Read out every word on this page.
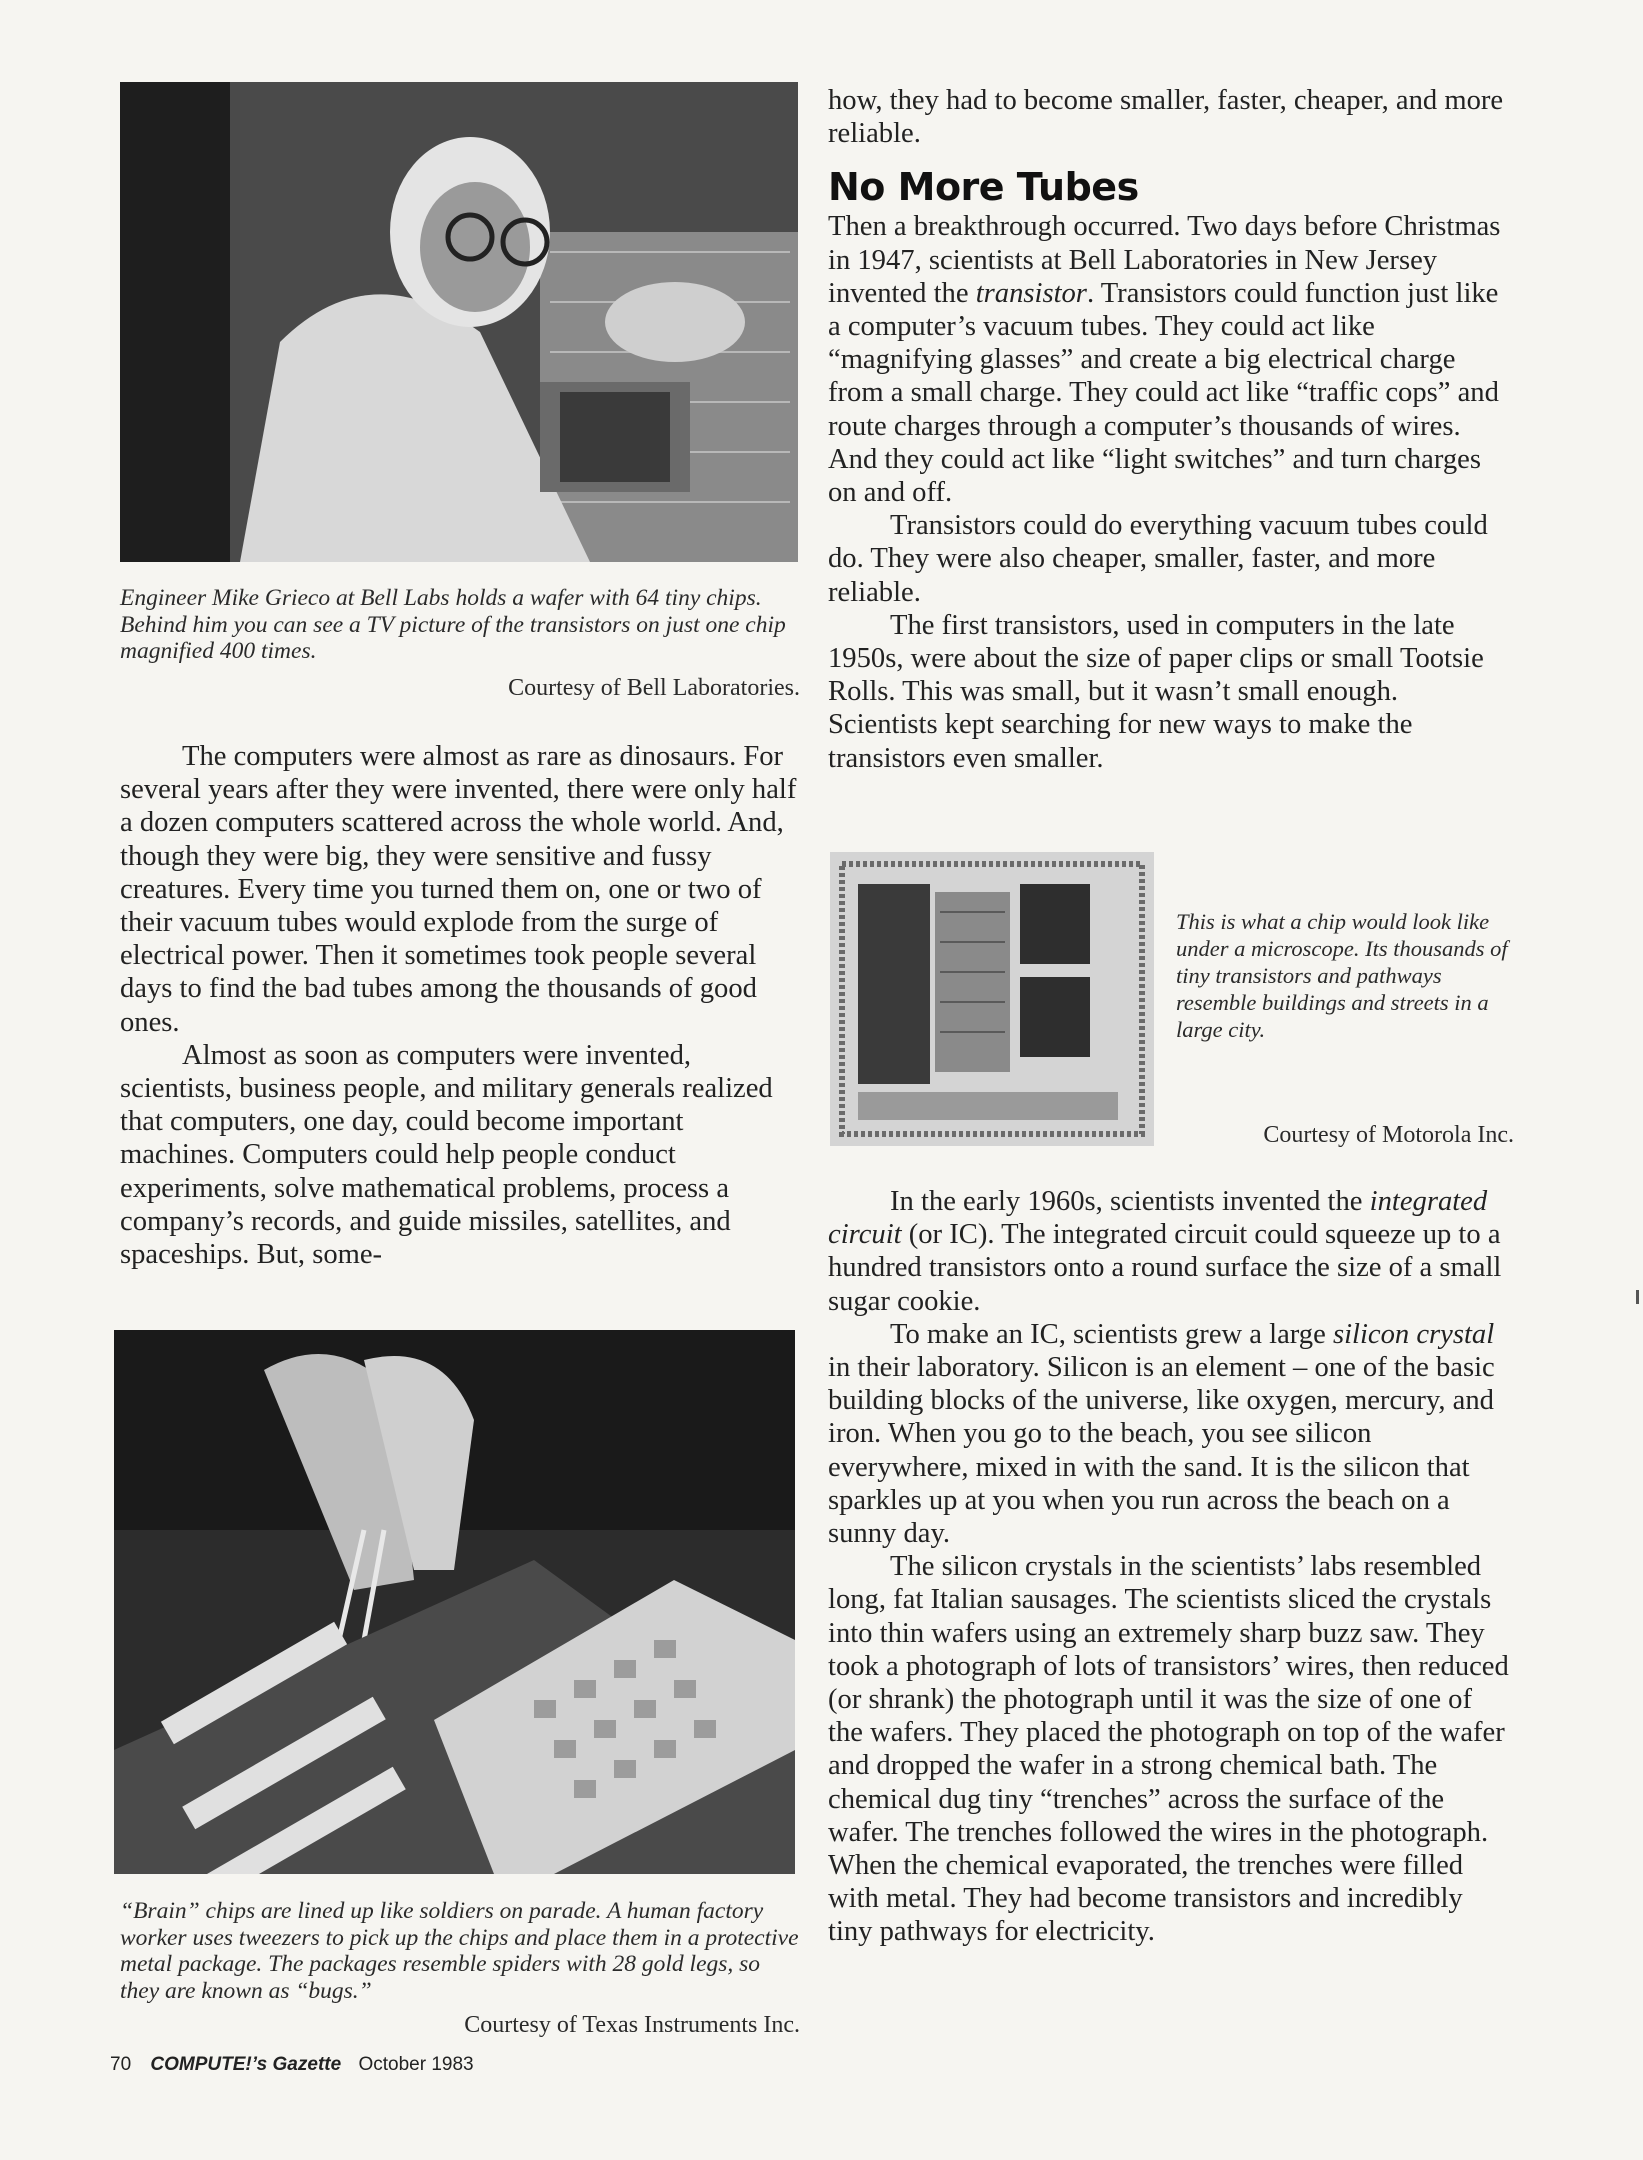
Engineer Mike Grieco at Bell Labs holds a wafer with 64 tiny chips. Behind him you can see a TV picture of the transistors on just one chip magnified 400 times.

Courtesy of Bell Laboratories.

The computers were almost as rare as dinosaurs. For several years after they were invented, there were only half a dozen computers scattered across the whole world. And, though they were big, they were sensitive and fussy creatures. Every time you turned them on, one or two of their vacuum tubes would explode from the surge of electrical power. Then it sometimes took people several days to find the bad tubes among the thousands of good ones.

Almost as soon as computers were invented, scientists, business people, and military generals realized that computers, one day, could become important machines. Computers could help people conduct experiments, solve mathematical problems, process a company’s records, and guide missiles, satellites, and spaceships. But, some-

“Brain” chips are lined up like soldiers on parade. A human factory worker uses tweezers to pick up the chips and place them in a protective metal package. The packages resemble spiders with 28 gold legs, so they are known as “bugs.”

Courtesy of Texas Instruments Inc.

how, they had to become smaller, faster, cheaper, and more reliable.

No More Tubes

Then a breakthrough occurred. Two days before Christmas in 1947, scientists at Bell Laboratories in New Jersey invented the transistor. Transistors could function just like a computer’s vacuum tubes. They could act like “magnifying glasses” and create a big electrical charge from a small charge. They could act like “traffic cops” and route charges through a computer’s thousands of wires. And they could act like “light switches” and turn charges on and off.

Transistors could do everything vacuum tubes could do. They were also cheaper, smaller, faster, and more reliable.

The first transistors, used in computers in the late 1950s, were about the size of paper clips or small Tootsie Rolls. This was small, but it wasn’t small enough. Scientists kept searching for new ways to make the transistors even smaller.

This is what a chip would look like under a microscope. Its thousands of tiny transistors and pathways resemble buildings and streets in a large city.

Courtesy of Motorola Inc.

In the early 1960s, scientists invented the integrated circuit (or IC). The integrated circuit could squeeze up to a hundred transistors onto a round surface the size of a small sugar cookie.

To make an IC, scientists grew a large silicon crystal in their laboratory. Silicon is an element – one of the basic building blocks of the universe, like oxygen, mercury, and iron. When you go to the beach, you see silicon everywhere, mixed in with the sand. It is the silicon that sparkles up at you when you run across the beach on a sunny day.

The silicon crystals in the scientists’ labs resembled long, fat Italian sausages. The scientists sliced the crystals into thin wafers using an extremely sharp buzz saw. They took a photograph of lots of transistors’ wires, then reduced (or shrank) the photograph until it was the size of one of the wafers. They placed the photograph on top of the wafer and dropped the wafer in a strong chemical bath. The chemical dug tiny “trenches” across the surface of the wafer. The trenches followed the wires in the photograph. When the chemical evaporated, the trenches were filled with metal. They had become transistors and incredibly tiny pathways for electricity.

70 COMPUTE!’s Gazette October 1983
